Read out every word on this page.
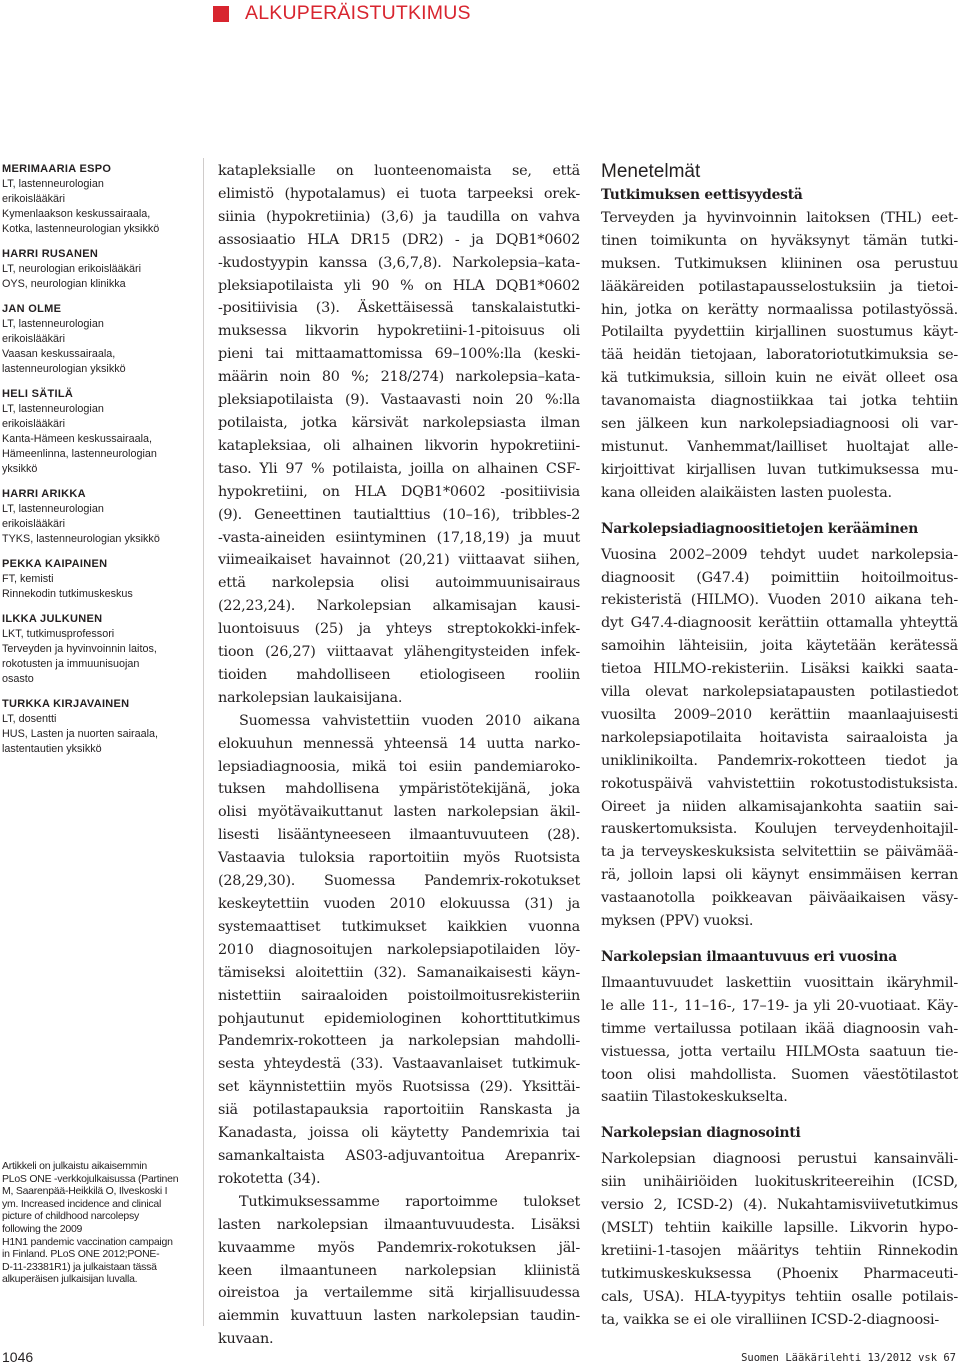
ALKUPERÄISTUTKIMUS
MERIMAARIA ESPO
LT, lastenneurologian
erikoislääkäri
Kymenlaakson keskussairaala,
Kotka, lastenneurologian yksikkö
HARRI RUSANEN
LT, neurologian erikoislääkäri
OYS, neurologian klinikka
JAN OLME
LT, lastenneurologian
erikoislääkäri
Vaasan keskussairaala,
lastenneurologian yksikkö
HELI SÄTILÄ
LT, lastenneurologian
erikoislääkäri
Kanta-Hämeen keskussairaala,
Hämeenlinna, lastenneurologian
yksikkö
HARRI ARIKKA
LT, lastenneurologian
erikoislääkäri
TYKS, lastenneurologian yksikkö
PEKKA KAIPAINEN
FT, kemisti
Rinnekodin tutkimuskeskus
ILKKA JULKUNEN
LKT, tutkimusprofessori
Terveyden ja hyvinvoinnin laitos,
rokotusten ja immuunisuojan
osasto
TURKKA KIRJAVAINEN
LT, dosentti
HUS, Lasten ja nuorten sairaala,
lastentautien yksikkö
Artikkeli on julkaistu aikaisemmin
PLoS ONE -verkkojulkaisussa (Partinen
M, Saarenpää-Heikkilä O, Ilveskoski I
ym. Increased incidence and clinical
picture of childhood narcolepsy
following the 2009
H1N1 pandemic vaccination campaign
in Finland. PLoS ONE 2012;PONE-
D-11-23381R1) ja julkaistaan tässä
alkuperäisen julkaisijan luvalla.
katapleksialle on luonteenomaista se, että
elimistö (hypotalamus) ei tuota tarpeeksi orek-
siinia (hypokretiinia) (3,6) ja taudilla on vahva
assosiaatio HLA DR15 (DR2) - ja DQB1*0602
-kudostyypin kanssa (3,6,7,8). Narkolepsia–kata-
pleksiapotilaista yli 90 % on HLA DQB1*0602
-positiivisia (3). Äskettäisessä tanskalaistutki-
muksessa likvorin hypokretiini-1-pitoisuus oli
pieni tai mittaamattomissa 69–100%:lla (keski-
määrin noin 80 %; 218/274) narkolepsia–kata-
pleksiapotilaista (9). Vastaavasti noin 20 %:lla
potilaista, jotka kärsivät narkolepsiasta ilman
katapleksiaa, oli alhainen likvorin hypokretiini-
taso. Yli 97 % potilaista, joilla on alhainen CSF-
hypokretiini, on HLA DQB1*0602 -positiivisia
(9). Geneettinen tautialttius (10–16), tribbles-2
-vasta-aineiden esiintyminen (17,18,19) ja muut
viimeaikaiset havainnot (20,21) viittaavat siihen,
että narkolepsia olisi autoimmuunisairaus
(22,23,24). Narkolepsian alkamisajan kausi-
luontoisuus (25) ja yhteys streptokokki-infek-
tioon (26,27) viittaavat ylähengitysteiden infek-
tioiden mahdolliseen etiologiseen rooliin
narkolepsian laukaisijana.
Suomessa vahvistettiin vuoden 2010 aikana
elokuuhun mennessä yhteensä 14 uutta narko-
lepsiadiagnoosia, mikä toi esiin pandemiaroko-
tuksen mahdollisena ympäristötekijänä, joka
olisi myötävaikuttanut lasten narkolepsian äkil-
lisesti lisääntyneeseen ilmaantuvuuteen (28).
Vastaavia tuloksia raportoitiin myös Ruotsista
(28,29,30). Suomessa Pandemrix-rokotukset
keskeytettiin vuoden 2010 elokuussa (31) ja
systemaattiset tutkimukset kaikkien vuonna
2010 diagnosoitujen narkolepsiapotilaiden löy-
tämiseksi aloitettiin (32). Samanaikaisesti käyn-
nistettiin sairaaloiden poistoilmoitusrekisteriin
pohjautunut epidemiologinen kohorttitutkimus
Pandemrix-rokotteen ja narkolepsian mahdolli-
sesta yhteydestä (33). Vastaavanlaiset tutkimuk-
set käynnistettiin myös Ruotsissa (29). Yksittäi-
siä potilastapauksia raportoitiin Ranskasta ja
Kanadasta, joissa oli käytetty Pandemrixia tai
samankaltaista AS03-adjuvantoitua Arepanrix-
rokotetta (34).
Tutkimuksessamme raportoimme tulokset
lasten narkolepsian ilmaantuvuudesta. Lisäksi
kuvaamme myös Pandemrix-rokotuksen jäl-
keen ilmaantuneen narkolepsian kliinistä
oireistoa ja vertailemme sitä kirjallisuudessa
aiemmin kuvattuun lasten narkolepsian taudin-
kuvaan.
Menetelmät
Tutkimuksen eettisyydestä
Terveyden ja hyvinvoinnin laitoksen (THL) eet-
tinen toimikunta on hyväksynyt tämän tutki-
muksen. Tutkimuksen kliininen osa perustuu
lääkäreiden potilastapausselostuksiin ja tietoi-
hin, jotka on kerätty normaalissa potilastyössä.
Potilailta pyydettiin kirjallinen suostumus käyt-
tää heidän tietojaan, laboratoriotutkimuksia se-
kä tutkimuksia, silloin kuin ne eivät olleet osa
tavanomaista diagnostiikkaa tai jotka tehtiin
sen jälkeen kun narkolepsiadiagnoosi oli var-
mistunut. Vanhemmat/lailliset huoltajat alle-
kirjoittivat kirjallisen luvan tutkimuksessa mu-
kana olleiden alaikäisten lasten puolesta.
Narkolepsiadiagnoositietojen kerääminen
Vuosina 2002–2009 tehdyt uudet narkolepsia-
diagnoosit (G47.4) poimittiin hoitoilmoitus-
rekisteristä (HILMO). Vuoden 2010 aikana teh-
dyt G47.4-diagnoosit kerättiin ottamalla yhteyttä
samoihin lähteisiin, joita käytetään kerätessä
tietoa HILMO-rekisteriin. Lisäksi kaikki saata-
villa olevat narkolepsiatapausten potilastiedot
vuosilta 2009–2010 kerättiin maanlaajuisesti
narkolepsiapotilaita hoitavista sairaaloista ja
uniklinikoilta. Pandemrix-rokotteen tiedot ja
rokotuspäivä vahvistettiin rokotustodistuksista.
Oireet ja niiden alkamisajankohta saatiin sai-
rauskertomuksista. Koulujen terveydenhoitajil-
ta ja terveyskeskuksista selvitettiin se päivämää-
rä, jolloin lapsi oli käynyt ensimmäisen kerran
vastaanotolla poikkeavan päiväaikaisen väsy-
myksen (PPV) vuoksi.
Narkolepsian ilmaantuvuus eri vuosina
Ilmaantuvuudet laskettiin vuosittain ikäryhmil-
le alle 11-, 11–16-, 17–19- ja yli 20-vuotiaat. Käy-
timme vertailussa potilaan ikää diagnoosin vah-
vistuessa, jotta vertailu HILMOsta saatuun tie-
toon olisi mahdollista. Suomen väestötilastot
saatiin Tilastokeskukselta.
Narkolepsian diagnosointi
Narkolepsian diagnoosi perustui kansainväli-
siin unihäiriöiden luokituskriteereihin (ICSD,
versio 2, ICSD-2) (4). Nukahtamisviivetutkimus
(MSLT) tehtiin kaikille lapsille. Likvorin hypo-
kretiini-1-tasojen määritys tehtiin Rinnekodin
tutkimuskeskuksessa (Phoenix Pharmaceuti-
cals, USA). HLA-tyypitys tehtiin osalle potilais-
ta, vaikka se ei ole viralliinen ICSD-2-diagnoosi-
1046	Suomen Lääkärilehti 13/2012 vsk 67
